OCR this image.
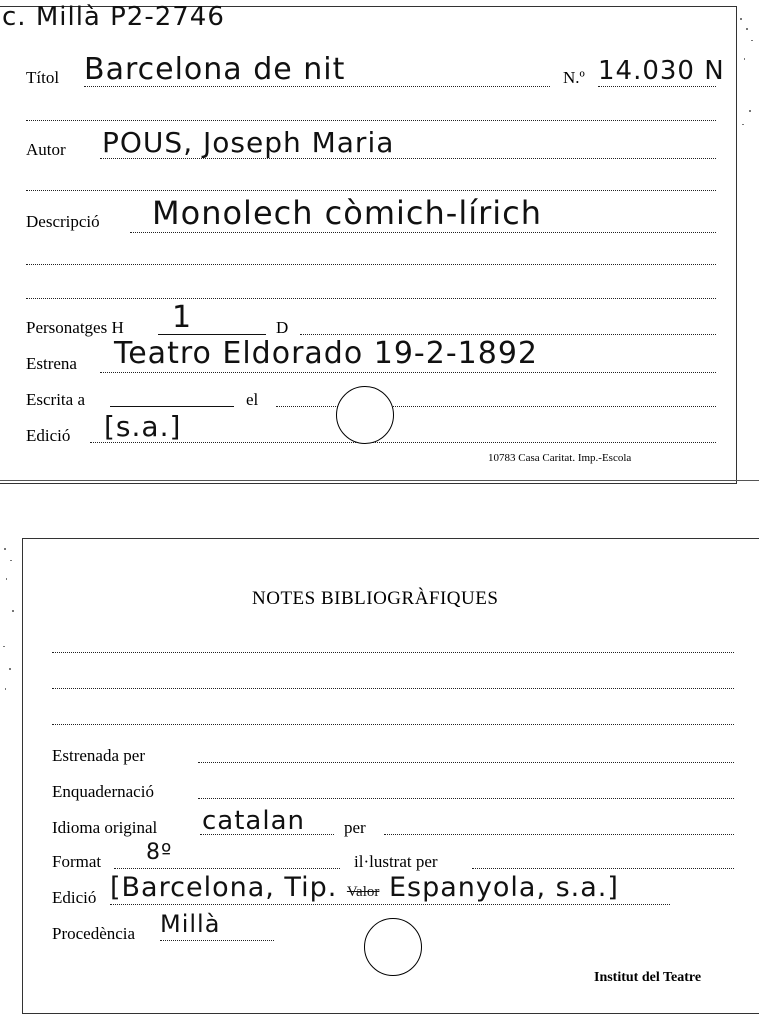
c. Millà P2-2746
Títol Barcelona de nit	N.º 14.030 N
Autor POUS, Joseph Maria
Descripció Monolech còmich-lírich
Personatges H 1	D
Estrena Teatro Eldorado 19-2-1892
Escrita a	el
Edició [s.a.]
10783 Casa Caritat. Imp.-Escola
NOTES BIBLIOGRÀFIQUES
Estrenada per
Enquadernació
Idioma original catalan per
Format 8º	il·lustrat per
Edició [Barcelona, Tip. Valor Espanyola, s.a.]
Procedència Millà
Institut del Teatre
